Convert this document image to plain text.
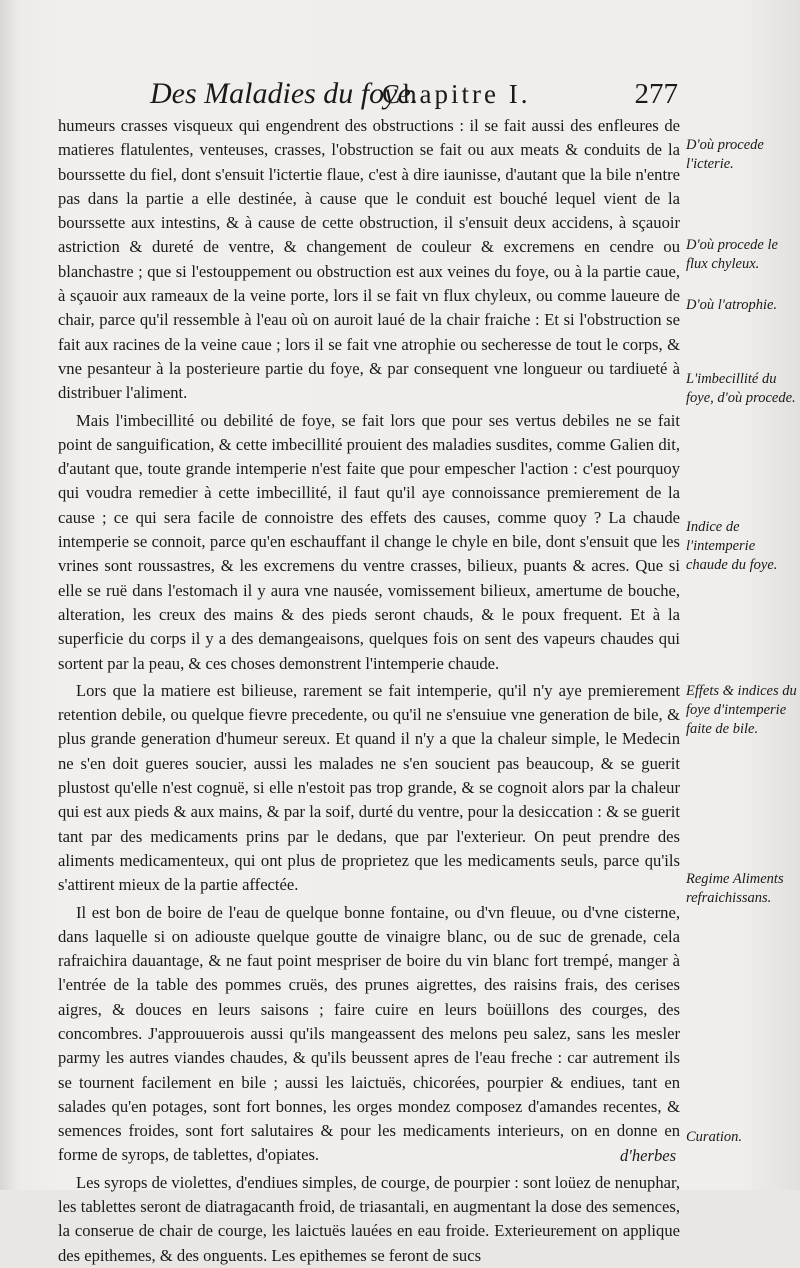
Des Maladies du foye.
Chapitre I.	277

humeurs crasses visqueux qui engendrent des obstructions : il se fait aussi des enfleures de matieres flatulentes, venteuses, crasses, l'obstruction se fait ou aux meats & conduits de la bourssette du fiel, dont s'ensuit l'ictertie flaue, c'est à dire iaunisse, d'autant que la bile n'entre pas dans la partie a elle destinée, à cause que le conduit est bouché lequel vient de la bourssette aux intestins, & à cause de cette obstruction, il s'ensuit deux accidens, à sçauoir astriction & dureté de ventre, & changement de couleur & excremens en cendre ou blanchastre ; que si l'estouppement ou obstruction est aux veines du foye, ou à la partie caue, à sçauoir aux rameaux de la veine porte, lors il se fait vn flux chyleux, ou comme laueure de chair, parce qu'il ressemble à l'eau où on auroit laué de la chair fraiche : Et si l'obstruction se fait aux racines de la veine caue ; lors il se fait vne atrophie ou secheresse de tout le corps, & vne pesanteur à la posterieure partie du foye, & par consequent vne longueur ou tardiueté à distribuer l'aliment.

Mais l'imbecillité ou debilité de foye, se fait lors que pour ses vertus debiles ne se fait point de sanguification, & cette imbecillité prouient des maladies susdites, comme Galien dit, d'autant que, toute grande intemperie n'est faite que pour empescher l'action : c'est pourquoy qui voudra remedier à cette imbecillité, il faut qu'il aye connoissance premierement de la cause ; ce qui sera facile de connoistre des effets des causes, comme quoy ? La chaude intemperie se connoit, parce qu'en eschauffant il change le chyle en bile, dont s'ensuit que les vrines sont roussastres, & les excremens du ventre crasses, bilieux, puants & acres. Que si elle se ruë dans l'estomach il y aura vne nausée, vomissement bilieux, amertume de bouche, alteration, les creux des mains & des pieds seront chauds, & le poux frequent. Et à la superficie du corps il y a des demangeaisons, quelques fois on sent des vapeurs chaudes qui sortent par la peau, & ces choses demonstrent l'intemperie chaude.

Lors que la matiere est bilieuse, rarement se fait intemperie, qu'il n'y aye premierement retention debile, ou quelque fievre precedente, ou qu'il ne s'ensuiue vne generation de bile, & plus grande generation d'humeur sereux. Et quand il n'y a que la chaleur simple, le Medecin ne s'en doit gueres soucier, aussi les malades ne s'en soucient pas beaucoup, & se guerit plustost qu'elle n'est cognuë, si elle n'estoit pas trop grande, & se cognoit alors par la chaleur qui est aux pieds & aux mains, & par la soif, durté du ventre, pour la desiccation : & se guerit tant par des medicaments prins par le dedans, que par l'exterieur. On peut prendre des aliments medicamenteux, qui ont plus de proprietez que les medicaments seuls, parce qu'ils s'attirent mieux de la partie affectée.

Il est bon de boire de l'eau de quelque bonne fontaine, ou d'vn fleuue, ou d'vne cisterne, dans laquelle si on adiouste quelque goutte de vinaigre blanc, ou de suc de grenade, cela rafraichira dauantage, & ne faut point mespriser de boire du vin blanc fort trempé, manger à l'entrée de la table des pommes cruës, des prunes aigrettes, des raisins frais, des cerises aigres, & douces en leurs saisons ; faire cuire en leurs boüillons des courges, des concombres. J'approuuerois aussi qu'ils mangeassent des melons peu salez, sans les mesler parmy les autres viandes chaudes, & qu'ils beussent apres de l'eau freche : car autrement ils se tournent facilement en bile ; aussi les laictuës, chicorées, pourpier & endiues, tant en salades qu'en potages, sont fort bonnes, les orges mondez composez d'amandes recentes, & semences froides, sont fort salutaires & pour les medicaments interieurs, on en donne en forme de syrops, de tablettes, d'opiates.

Les syrops de violettes, d'endiues simples, de courge, de pourpier : sont loüez de nenuphar, les tablettes seront de diatragacanth froid, de triasantali, en augmentant la dose des semences, la conserue de chair de courge, les laictuës lauées en eau froide. Exterieurement on applique des epithemes, & des onguents. Les epithemes se feront de sucs

D'où procede l'icterie.
D'où procede le flux chyleux.
D'où l'atrophie.
L'imbecillité du foye, d'où procede.
Indice de l'intemperie chaude du foye.
Effets & indices du foye d'intemperie faite de bile.
Regime Aliments refraichissans.
Curation.
d'herbes
